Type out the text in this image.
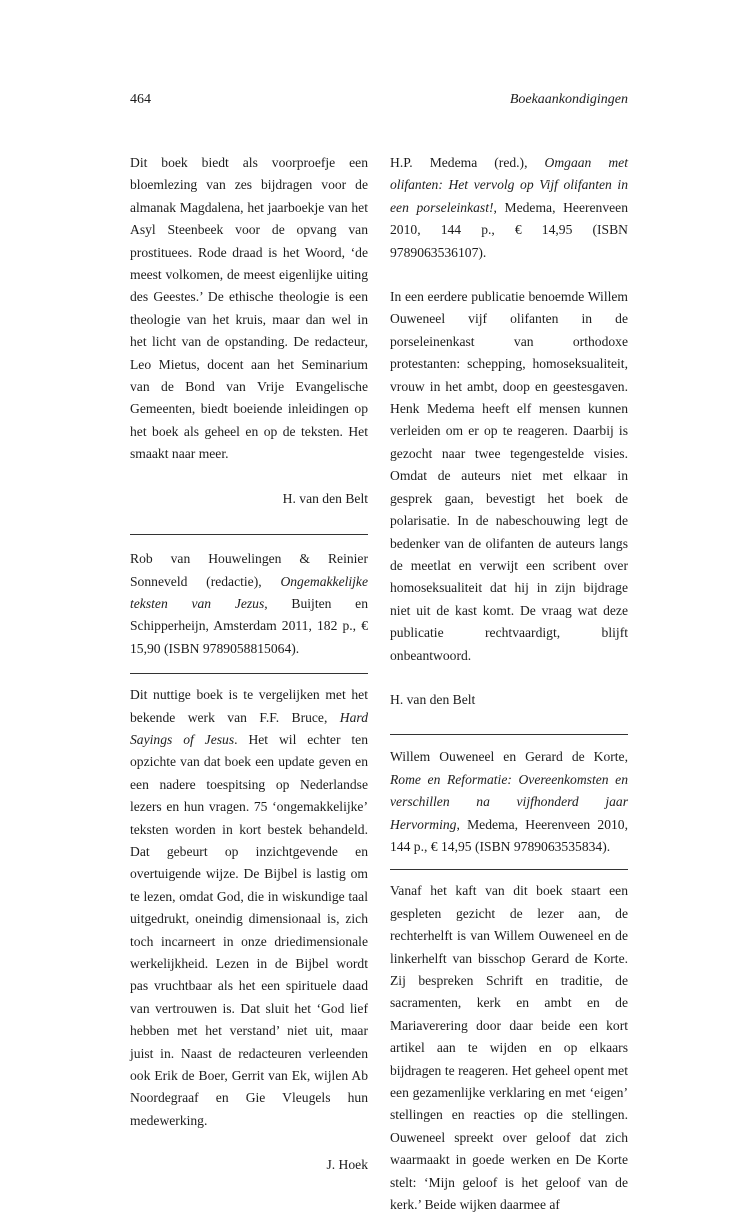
464	Boekaankondigingen

Dit boek biedt als voorproefje een bloemlezing van zes bijdragen voor de almanak Magdalena, het jaarboekje van het Asyl Steenbeek voor de opvang van prostituees. Rode draad is het Woord, ‘de meest volkomen, de meest eigenlijke uiting des Geestes.’ De ethische theologie is een theologie van het kruis, maar dan wel in het licht van de opstanding. De redacteur, Leo Mietus, docent aan het Seminarium van de Bond van Vrije Evangelische Gemeenten, biedt boeiende inleidingen op het boek als geheel en op de teksten. Het smaakt naar meer.

H. van den Belt

Rob van Houwelingen & Reinier Sonneveld (redactie), Ongemakkelijke teksten van Jezus, Buijten en Schipperheijn, Amsterdam 2011, 182 p., € 15,90 (ISBN 9789058815064).

Dit nuttige boek is te vergelijken met het bekende werk van F.F. Bruce, Hard Sayings of Jesus. Het wil echter ten opzichte van dat boek een update geven en een nadere toespitsing op Nederlandse lezers en hun vragen. 75 ‘ongemakkelijke’ teksten worden in kort bestek behandeld. Dat gebeurt op inzichtgevende en overtuigende wijze. De Bijbel is lastig om te lezen, omdat God, die in wiskundige taal uitgedrukt, oneindig dimensionaal is, zich toch incarneert in onze driedimensionale werkelijkheid. Lezen in de Bijbel wordt pas vruchtbaar als het een spirituele daad van vertrouwen is. Dat sluit het ‘God lief hebben met het verstand’ niet uit, maar juist in. Naast de redacteuren verleenden ook Erik de Boer, Gerrit van Ek, wijlen Ab Noordegraaf en Gie Vleugels hun medewerking.

J. Hoek

H.P. Medema (red.), Omgaan met olifanten: Het vervolg op Vijf olifanten in een porseleinkast!, Medema, Heerenveen 2010, 144 p., € 14,95 (ISBN 9789063536107).

In een eerdere publicatie benoemde Willem Ouweneel vijf olifanten in de porseleinenkast van orthodoxe protestanten: schepping, homoseksualiteit, vrouw in het ambt, doop en geestesgaven. Henk Medema heeft elf mensen kunnen verleiden om er op te reageren. Daarbij is gezocht naar twee tegengestelde visies. Omdat de auteurs niet met elkaar in gesprek gaan, bevestigt het boek de polarisatie. In de nabeschouwing legt de bedenker van de olifanten de auteurs langs de meetlat en verwijt een scribent over homoseksualiteit dat hij in zijn bijdrage niet uit de kast komt. De vraag wat deze publicatie rechtvaardigt, blijft onbeantwoord.

H. van den Belt

Willem Ouweneel en Gerard de Korte, Rome en Reformatie: Overeenkomsten en verschillen na vijfhonderd jaar Hervorming, Medema, Heerenveen 2010, 144 p., € 14,95 (ISBN 9789063535834).

Vanaf het kaft van dit boek staart een gespleten gezicht de lezer aan, de rechterhelft is van Willem Ouweneel en de linkerhelft van bisschop Gerard de Korte. Zij bespreken Schrift en traditie, de sacramenten, kerk en ambt en de Mariaverering door daar beide een kort artikel aan te wijden en op elkaars bijdragen te reageren. Het geheel opent met een gezamenlijke verklaring en met ‘eigen’ stellingen en reacties op die stellingen. Ouweneel spreekt over geloof dat zich waarmaakt in goede werken en De Korte stelt: ‘Mijn geloof is het geloof van de kerk.’ Beide wijken daarmee af
